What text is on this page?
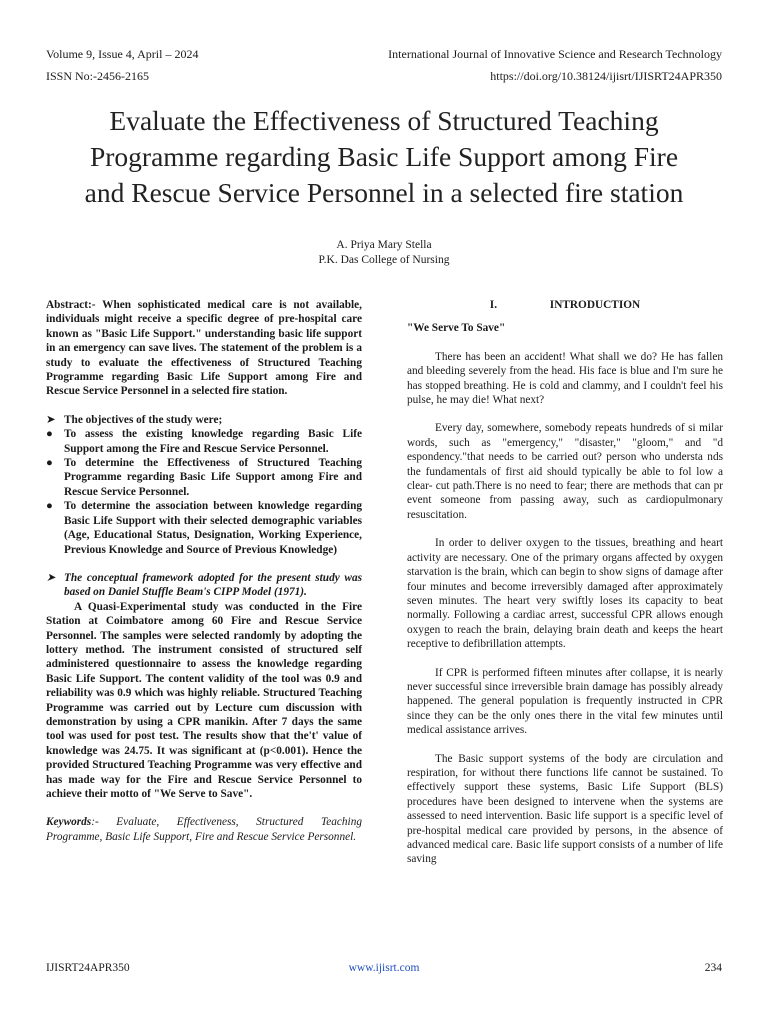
Volume 9, Issue 4, April – 2024	International Journal of Innovative Science and Research Technology
ISSN No:-2456-2165	https://doi.org/10.38124/ijisrt/IJISRT24APR350
Evaluate the Effectiveness of Structured Teaching
Programme regarding Basic Life Support among Fire
and Rescue Service Personnel in a selected fire station
A. Priya Mary Stella
P.K. Das College of Nursing

Abstract:- When sophisticated medical care is not available, individuals might receive a specific degree of pre-hospital care known as "Basic Life Support." understanding basic life support in an emergency can save lives. The statement of the problem is a study to evaluate the effectiveness of Structured Teaching Programme regarding Basic Life Support among Fire and Rescue Service Personnel in a selected fire station.

➤ The objectives of the study were;
● To assess the existing knowledge regarding Basic Life Support among the Fire and Rescue Service Personnel.
● To determine the Effectiveness of Structured Teaching Programme regarding Basic Life Support among Fire and Rescue Service Personnel.
● To determine the association between knowledge regarding Basic Life Support with their selected demographic variables (Age, Educational Status, Designation, Working Experience, Previous Knowledge and Source of Previous Knowledge)
➤ The conceptual framework adopted for the present study was based on Daniel Stuffle Beam's CIPP Model (1971).

A Quasi-Experimental study was conducted in the Fire Station at Coimbatore among 60 Fire and Rescue Service Personnel. The samples were selected randomly by adopting the lottery method. The instrument consisted of structured self administered questionnaire to assess the knowledge regarding Basic Life Support. The content validity of the tool was 0.9 and reliability was 0.9 which was highly reliable. Structured Teaching Programme was carried out by Lecture cum discussion with demonstration by using a CPR manikin. After 7 days the same tool was used for post test. The results show that the't' value of knowledge was 24.75. It was significant at (p<0.001). Hence the provided Structured Teaching Programme was very effective and has made way for the Fire and Rescue Service Personnel to achieve their motto of "We Serve to Save".

Keywords:- Evaluate, Effectiveness, Structured Teaching Programme, Basic Life Support, Fire and Rescue Service Personnel.

I.	INTRODUCTION

"We Serve To Save"

There has been an accident! What shall we do? He has fallen and bleeding severely from the head. His face is blue and I'm sure he has stopped breathing. He is cold and clammy, and I couldn't feel his pulse, he may die! What next?

Every day, somewhere, somebody repeats hundreds of si milar words, such as "emergency," "disaster," "gloom," and "d espondency."that needs to be carried out? person who understa nds the fundamentals of first aid should typically be able to fol low a clear- cut path.There is no need to fear; there are methods that can pr event someone from passing away, such as cardiopulmonary resuscitation.

In order to deliver oxygen to the tissues, breathing and heart activity are necessary. One of the primary organs affected by oxygen starvation is the brain, which can begin to show signs of damage after four minutes and become irreversibly damaged after approximately seven minutes. The heart very swiftly loses its capacity to beat normally. Following a cardiac arrest, successful CPR allows enough oxygen to reach the brain, delaying brain death and keeps the heart receptive to defibrillation attempts.

If CPR is performed fifteen minutes after collapse, it is nearly never successful since irreversible brain damage has possibly already happened. The general population is frequently instructed in CPR since they can be the only ones there in the vital few minutes until medical assistance arrives.

The Basic support systems of the body are circulation and respiration, for without there functions life cannot be sustained. To effectively support these systems, Basic Life Support (BLS) procedures have been designed to intervene when the systems are assessed to need intervention. Basic life support is a specific level of pre-hospital medical care provided by persons, in the absence of advanced medical care. Basic life support consists of a number of life saving

IJISRT24APR350	www.ijisrt.com	234
